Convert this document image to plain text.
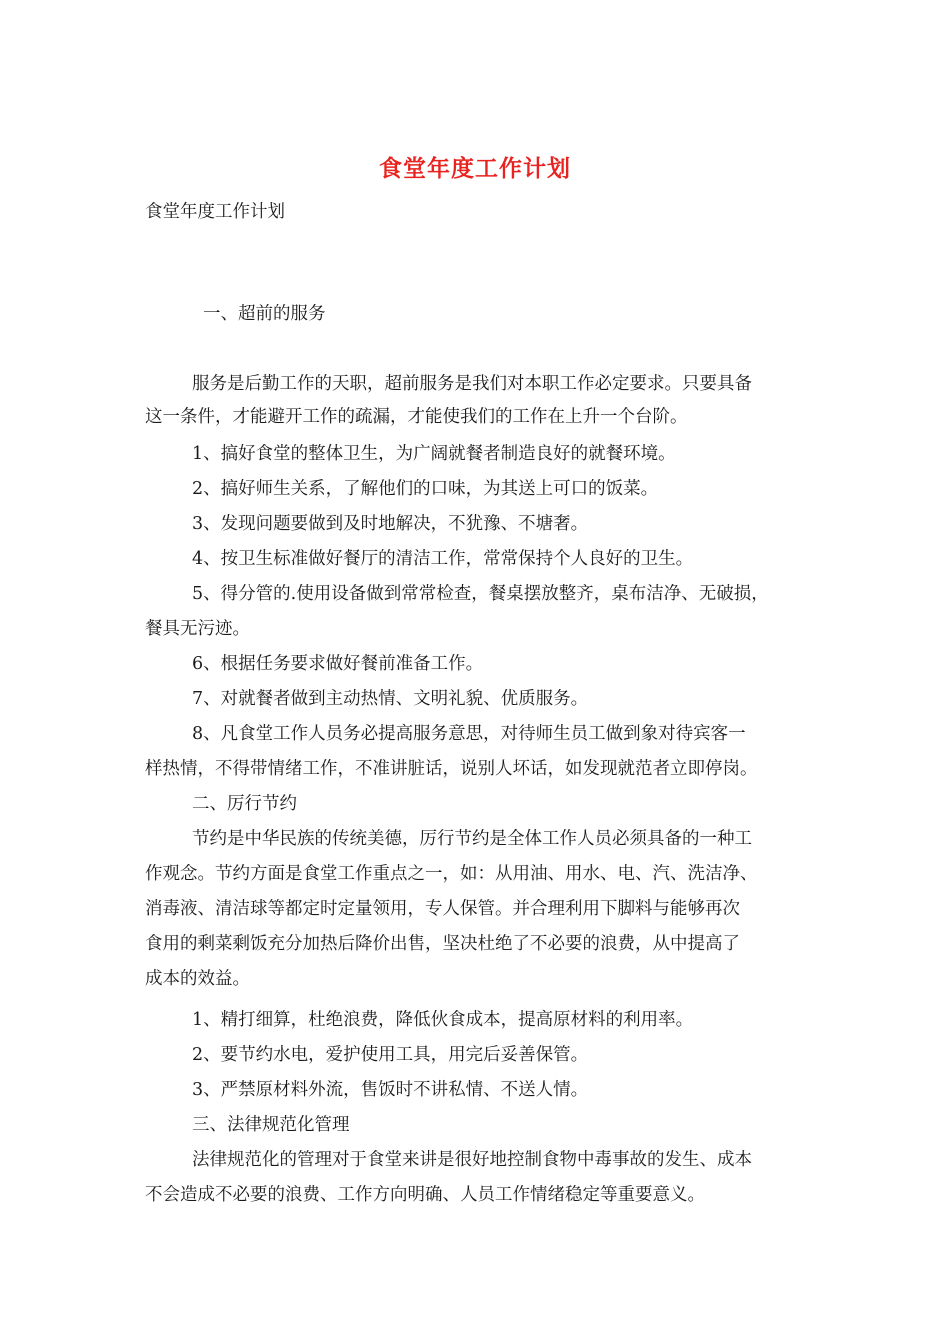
食堂年度工作计划
食堂年度工作计划
一、超前的服务
服务是后勤工作的天职，超前服务是我们对本职工作必定要求。只要具备
这一条件，才能避开工作的疏漏，才能使我们的工作在上升一个台阶。
1、搞好食堂的整体卫生，为广阔就餐者制造良好的就餐环境。
2、搞好师生关系，了解他们的口味，为其送上可口的饭菜。
3、发现问题要做到及时地解决，不犹豫、不塘奢。
4、按卫生标准做好餐厅的清洁工作，常常保持个人良好的卫生。
5、得分管的.使用设备做到常常检查，餐桌摆放整齐，桌布洁净、无破损，
餐具无污迹。
6、根据任务要求做好餐前准备工作。
7、对就餐者做到主动热情、文明礼貌、优质服务。
8、凡食堂工作人员务必提高服务意思，对待师生员工做到象对待宾客一
样热情，不得带情绪工作，不准讲脏话，说别人坏话，如发现就范者立即停岗。
二、厉行节约
节约是中华民族的传统美德，厉行节约是全体工作人员必须具备的一种工
作观念。节约方面是食堂工作重点之一，如：从用油、用水、电、汽、洗洁净、
消毒液、清洁球等都定时定量领用，专人保管。并合理利用下脚料与能够再次
食用的剩菜剩饭充分加热后降价出售，坚决杜绝了不必要的浪费，从中提高了
成本的效益。
1、精打细算，杜绝浪费，降低伙食成本，提高原材料的利用率。
2、要节约水电，爱护使用工具，用完后妥善保管。
3、严禁原材料外流，售饭时不讲私情、不送人情。
三、法律规范化管理
法律规范化的管理对于食堂来讲是很好地控制食物中毒事故的发生、成本
不会造成不必要的浪费、工作方向明确、人员工作情绪稳定等重要意义。
